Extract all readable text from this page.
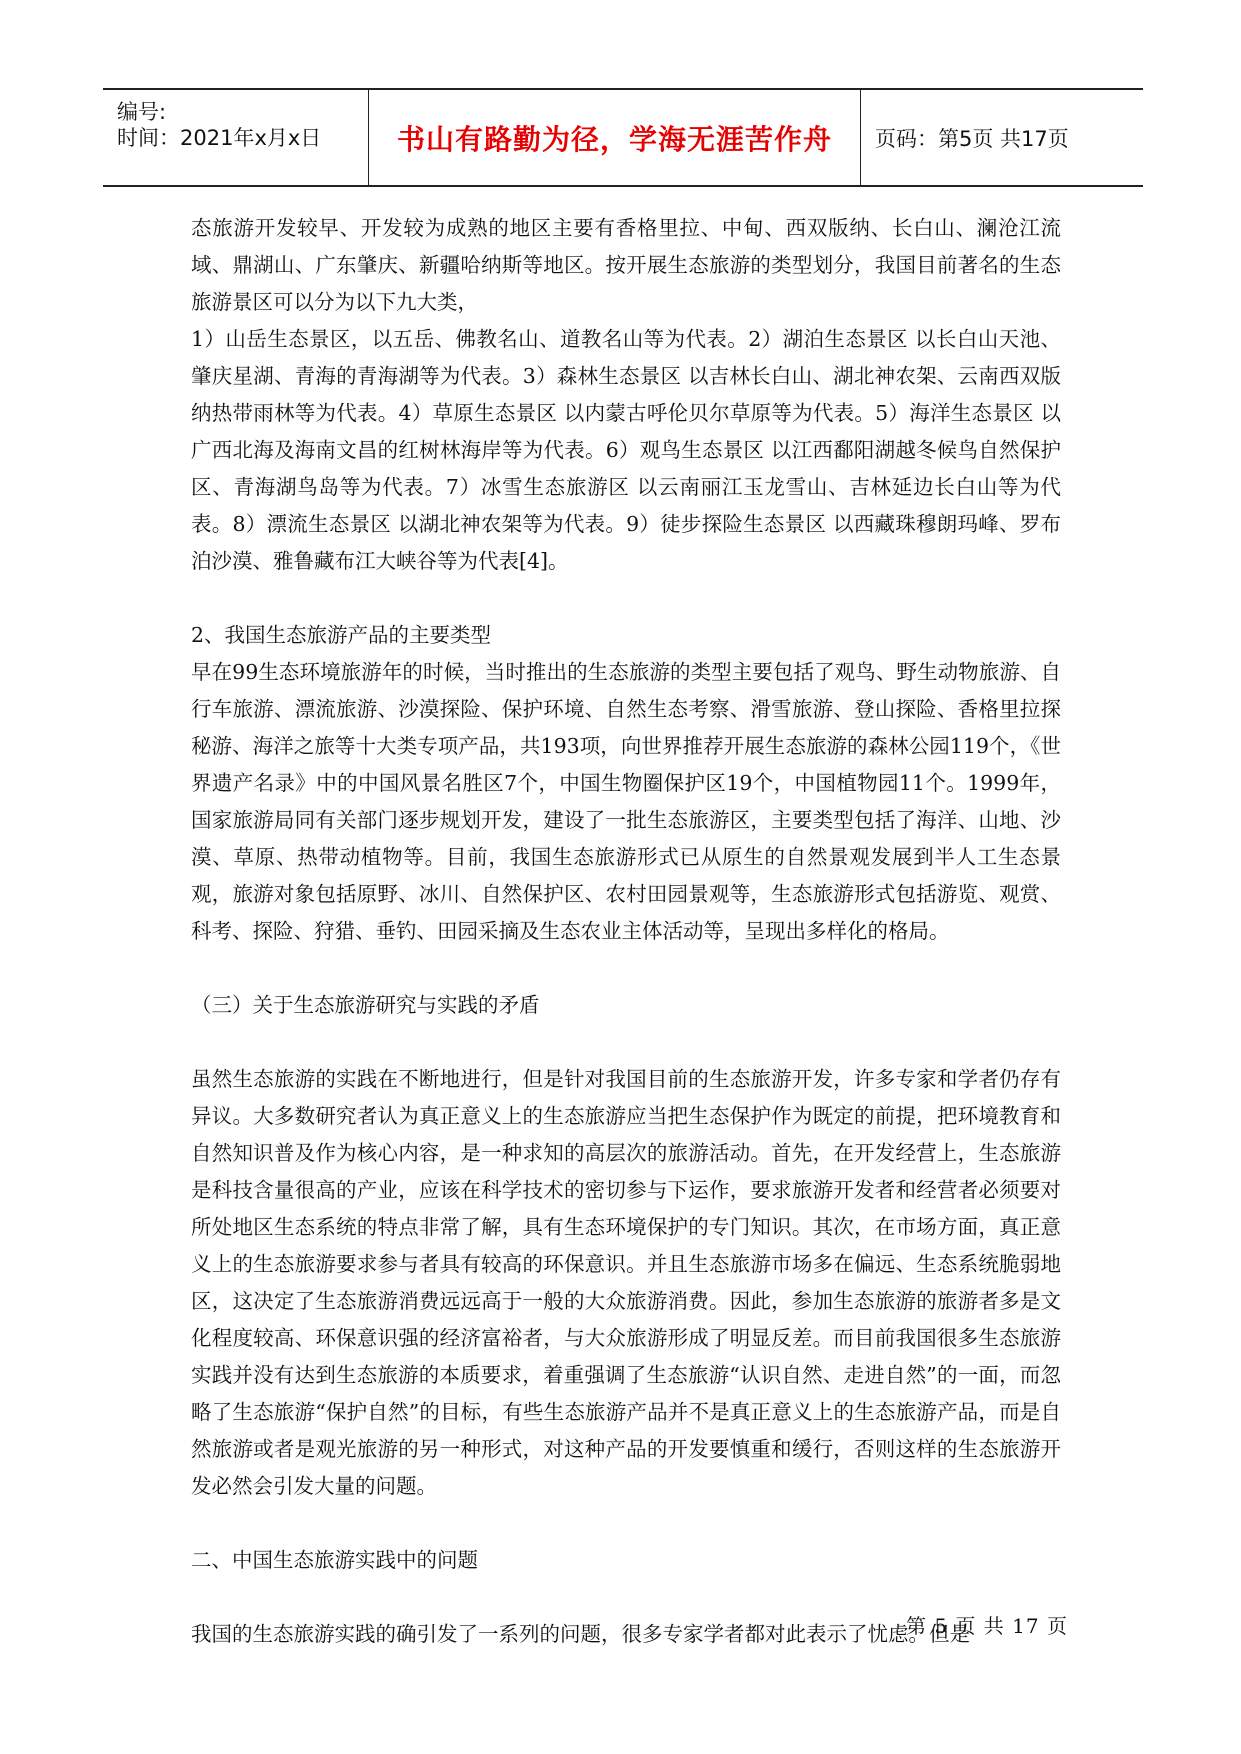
编号:
时间：2021年x月x日	书山有路勤为径，学海无涯苦作舟 页码：第5页 共17页

态旅游开发较早、开发较为成熟的地区主要有香格里拉、中甸、西双版纳、长白山、澜沧江流域、鼎湖山、广东肇庆、新疆哈纳斯等地区。按开展生态旅游的类型划分，我国目前著名的生态旅游景区可以分为以下九大类，

1）山岳生态景区，以五岳、佛教名山、道教名山等为代表。2）湖泊生态景区 以长白山天池、肇庆星湖、青海的青海湖等为代表。3）森林生态景区 以吉林长白山、湖北神农架、云南西双版纳热带雨林等为代表。4）草原生态景区 以内蒙古呼伦贝尔草原等为代表。5）海洋生态景区 以广西北海及海南文昌的红树林海岸等为代表。6）观鸟生态景区 以江西鄱阳湖越冬候鸟自然保护区、青海湖鸟岛等为代表。7）冰雪生态旅游区 以云南丽江玉龙雪山、吉林延边长白山等为代表。8）漂流生态景区 以湖北神农架等为代表。9）徒步探险生态景区 以西藏珠穆朗玛峰、罗布泊沙漠、雅鲁藏布江大峡谷等为代表[4]。

2、我国生态旅游产品的主要类型

早在99生态环境旅游年的时候，当时推出的生态旅游的类型主要包括了观鸟、野生动物旅游、自行车旅游、漂流旅游、沙漠探险、保护环境、自然生态考察、滑雪旅游、登山探险、香格里拉探秘游、海洋之旅等十大类专项产品，共193项，向世界推荐开展生态旅游的森林公园119个，《世界遗产名录》中的中国风景名胜区7个，中国生物圈保护区19个，中国植物园11个。1999年，国家旅游局同有关部门逐步规划开发，建设了一批生态旅游区，主要类型包括了海洋、山地、沙漠、草原、热带动植物等。目前，我国生态旅游形式已从原生的自然景观发展到半人工生态景观，旅游对象包括原野、冰川、自然保护区、农村田园景观等，生态旅游形式包括游览、观赏、科考、探险、狩猎、垂钓、田园采摘及生态农业主体活动等，呈现出多样化的格局。

（三）关于生态旅游研究与实践的矛盾

虽然生态旅游的实践在不断地进行，但是针对我国目前的生态旅游开发，许多专家和学者仍存有异议。大多数研究者认为真正意义上的生态旅游应当把生态保护作为既定的前提，把环境教育和自然知识普及作为核心内容，是一种求知的高层次的旅游活动。首先，在开发经营上，生态旅游是科技含量很高的产业，应该在科学技术的密切参与下运作，要求旅游开发者和经营者必须要对所处地区生态系统的特点非常了解，具有生态环境保护的专门知识。其次，在市场方面，真正意义上的生态旅游要求参与者具有较高的环保意识。并且生态旅游市场多在偏远、生态系统脆弱地区，这决定了生态旅游消费远远高于一般的大众旅游消费。因此，参加生态旅游的旅游者多是文化程度较高、环保意识强的经济富裕者，与大众旅游形成了明显反差。而目前我国很多生态旅游实践并没有达到生态旅游的本质要求，着重强调了生态旅游“认识自然、走进自然”的一面，而忽略了生态旅游“保护自然”的目标，有些生态旅游产品并不是真正意义上的生态旅游产品，而是自然旅游或者是观光旅游的另一种形式，对这种产品的开发要慎重和缓行，否则这样的生态旅游开发必然会引发大量的问题。

二、中国生态旅游实践中的问题

我国的生态旅游实践的确引发了一系列的问题，很多专家学者都对此表示了忧虑。但是

第 5 页 共 17 页
